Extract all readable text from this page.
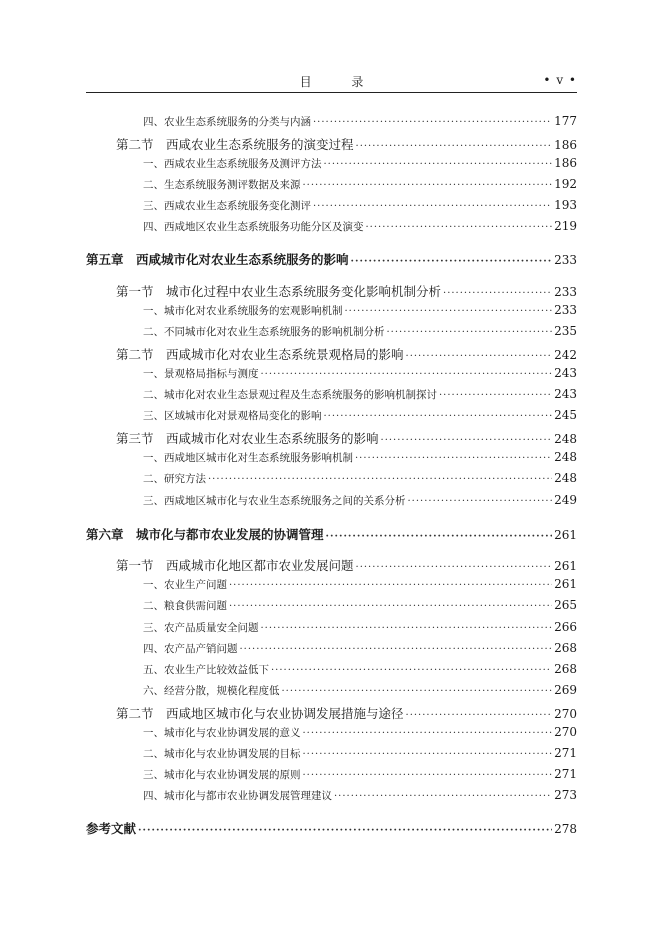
目 录	• v •
四、农业生态系统服务的分类与内涵 ·····	177
第二节　西咸农业生态系统服务的演变过程 ·····	186
一、西咸农业生态系统服务及测评方法 ·····	186
二、生态系统服务测评数据及来源 ·····	192
三、西咸农业生态系统服务变化测评 ·····	193
四、西咸地区农业生态系统服务功能分区及演变 ·····	219
第五章　西咸城市化对农业生态系统服务的影响 ·····	233
第一节　城市化过程中农业生态系统服务变化影响机制分析 ·····	233
一、城市化对农业系统服务的宏观影响机制 ·····	233
二、不同城市化对农业生态系统服务的影响机制分析 ·····	235
第二节　西咸城市化对农业生态系统景观格局的影响 ·····	242
一、景观格局指标与测度 ·····	243
二、城市化对农业生态景观过程及生态系统服务的影响机制探讨 ·····	243
三、区域城市化对景观格局变化的影响 ·····	245
第三节　西咸城市化对农业生态系统服务的影响 ·····	248
一、西咸地区城市化对生态系统服务影响机制 ·····	248
二、研究方法 ·····	248
三、西咸地区城市化与农业生态系统服务之间的关系分析 ·····	249
第六章　城市化与都市农业发展的协调管理 ·····	261
第一节　西咸城市化地区都市农业发展问题 ·····	261
一、农业生产问题 ·····	261
二、粮食供需问题 ·····	265
三、农产品质量安全问题 ·····	266
四、农产品产销问题 ·····	268
五、农业生产比较效益低下 ·····	268
六、经营分散，规模化程度低 ·····	269
第二节　西咸地区城市化与农业协调发展措施与途径 ·····	270
一、城市化与农业协调发展的意义 ·····	270
二、城市化与农业协调发展的目标 ·····	271
三、城市化与农业协调发展的原则 ·····	271
四、城市化与都市农业协调发展管理建议 ·····	273
参考文献 ·····	278
